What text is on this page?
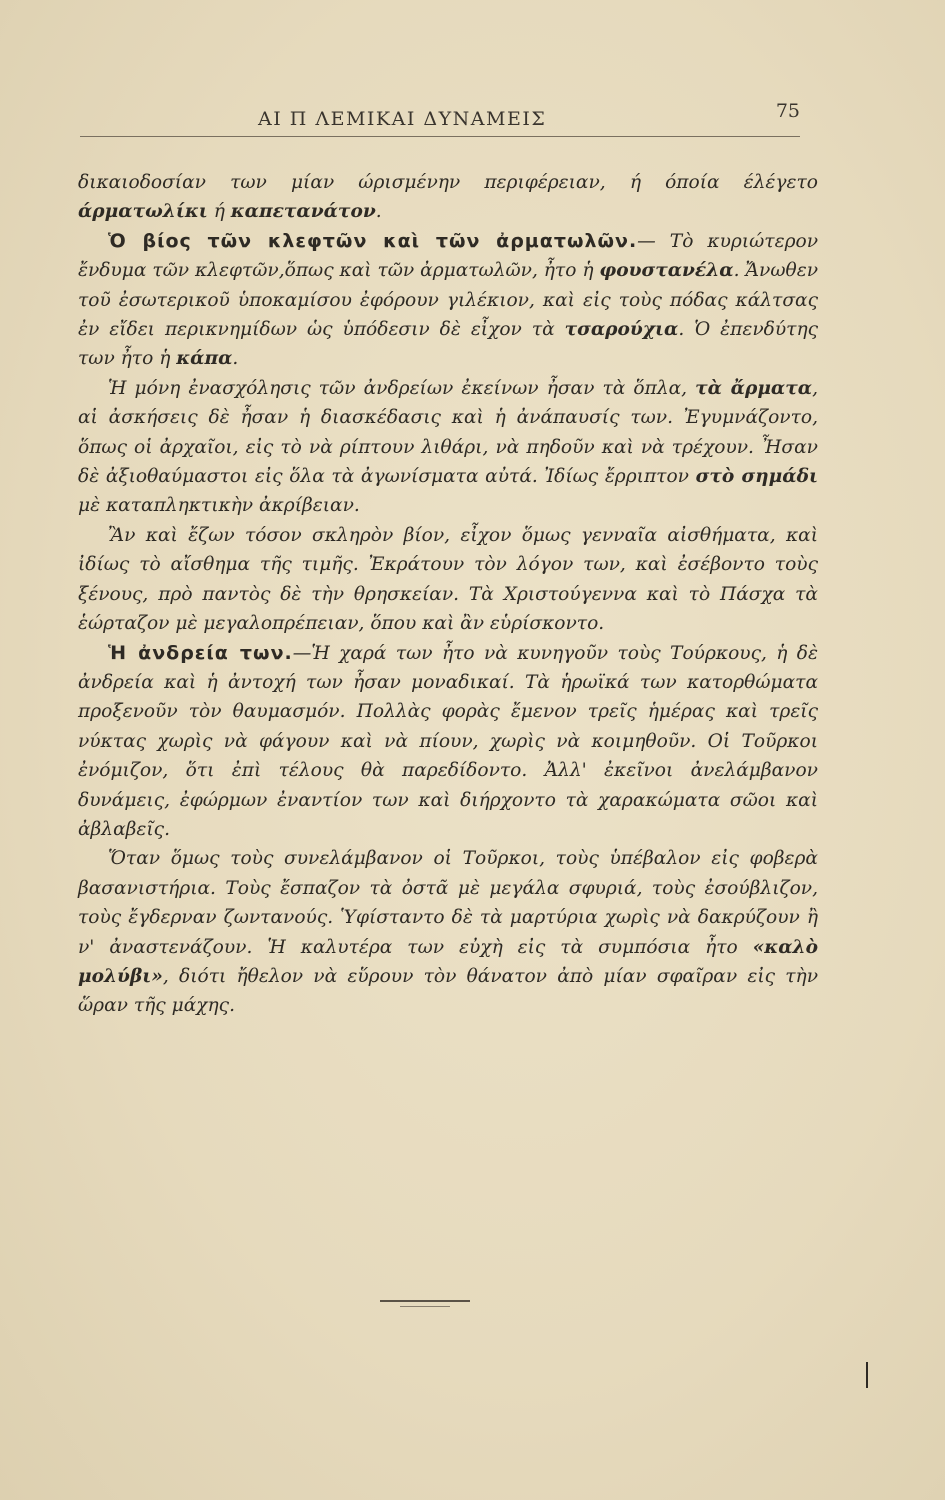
ΑΙ Π ΛΕΜΙΚΑΙ ΔΥΝΑΜΕΙΣ	75

δικαιοδοσίαν των μίαν ώρισμένην περιφέρειαν, ή όποία έλέγετο άρματωλίκι ή καπετανάτον.

Ὁ βίος τῶν κλεφτῶν καὶ τῶν ἀρματωλῶν.— Τὸ κυριώτερον ἔνδυμα τῶν κλεφτῶν,ὅπως καὶ τῶν ἀρματωλῶν, ἦτο ἡ φουστανέλα. Ἄνωθεν τοῦ ἐσωτερικοῦ ὑποκαμίσου ἐφόρουν γιλέκιον, καὶ εἰς τοὺς πόδας κάλτσας ἐν εἴδει περικνημίδων ὡς ὑπόδεσιν δὲ εἶχον τὰ τσαρούχια. Ὁ ἐπενδύτης των ἦτο ἡ κάπα.

Ἡ μόνη ἐνασχόλησις τῶν ἀνδρείων ἐκείνων ἦσαν τὰ ὅπλα, τὰ ἄρματα, αἱ ἀσκήσεις δὲ ἦσαν ἡ διασκέδασις καὶ ἡ ἀνάπαυσίς των. Ἐγυμνάζοντο, ὅπως οἱ ἀρχαῖοι, εἰς τὸ νὰ ρίπτουν λιθάρι, νὰ πηδοῦν καὶ νὰ τρέχουν. Ἦσαν δὲ ἀξιοθαύμαστοι εἰς ὅλα τὰ ἀγωνίσματα αὐτά. Ἰδίως ἔρριπτον στὸ σημάδι μὲ καταπληκτικὴν ἀκρίβειαν.

Ἂν καὶ ἔζων τόσον σκληρὸν βίον, εἶχον ὅμως γενναῖα αἰσθήματα, καὶ ἰδίως τὸ αἴσθημα τῆς τιμῆς. Ἐκράτουν τὸν λόγον των, καὶ ἐσέβοντο τοὺς ξένους, πρὸ παντὸς δὲ τὴν θρησκείαν. Τὰ Χριστούγεννα καὶ τὸ Πάσχα τὰ ἑώρταζον μὲ μεγαλοπρέπειαν, ὅπου καὶ ἂν εὑρίσκοντο.

Ἡ ἀνδρεία των.—Ἡ χαρά των ἦτο νὰ κυνηγοῦν τοὺς Τούρκους, ἡ δὲ ἀνδρεία καὶ ἡ ἀντοχή των ἦσαν μοναδικαί. Τὰ ἡρωϊκά των κατορθώματα προξενοῦν τὸν θαυμασμόν. Πολλὰς φορὰς ἔμενον τρεῖς ἡμέρας καὶ τρεῖς νύκτας χωρὶς νὰ φάγουν καὶ νὰ πίουν, χωρὶς νὰ κοιμηθοῦν. Οἱ Τοῦρκοι ἐνόμιζον, ὅτι ἐπὶ τέλους θὰ παρεδίδοντο. Ἀλλ' ἐκεῖνοι ἀνελάμβανον δυνάμεις, ἐφώρμων ἐναντίον των καὶ διήρχοντο τὰ χαρακώματα σῶοι καὶ ἀβλαβεῖς.

Ὅταν ὅμως τοὺς συνελάμβανον οἱ Τοῦρκοι, τοὺς ὑπέβαλον εἰς φοβερὰ βασανιστήρια. Τοὺς ἔσπαζον τὰ ὀστᾶ μὲ μεγάλα σφυριά, τοὺς ἐσούβλιζον, τοὺς ἔγδερναν ζωντανούς. Ὑφίσταντο δὲ τὰ μαρτύρια χωρὶς νὰ δακρύζουν ἢ ν' ἀναστενάζουν. Ἡ καλυτέρα των εὐχὴ εἰς τὰ συμπόσια ἦτο «καλὸ μολύβι», διότι ἤθελον νὰ εὕρουν τὸν θάνατον ἀπὸ μίαν σφαῖραν εἰς τὴν ὥραν τῆς μάχης.
